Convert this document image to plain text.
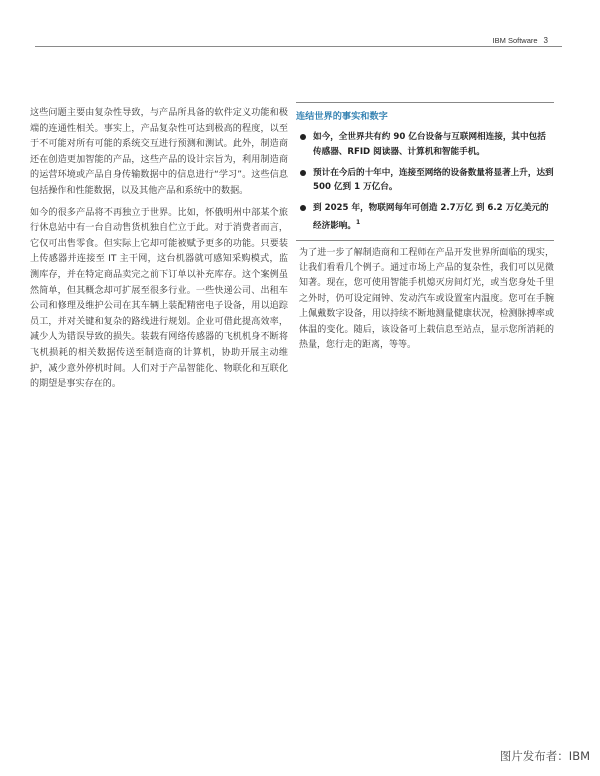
IBM Software 3

这些问题主要由复杂性导致，与产品所具备的软件定义功能和极端的连通性相关。事实上，产品复杂性可达到极高的程度，以至于不可能对所有可能的系统交互进行预测和测试。此外，制造商还在创造更加智能的产品，这些产品的设计宗旨为，利用制造商的运营环境或产品自身传输数据中的信息进行“学习”。这些信息包括操作和性能数据，以及其他产品和系统中的数据。

如今的很多产品将不再独立于世界。比如，怀俄明州中部某个旅行休息站中有一台自动售货机独自伫立于此。对于消费者而言，它仅可出售零食。但实际上它却可能被赋予更多的功能。只要装上传感器并连接至 IT 主干网，这台机器就可感知采购模式，监测库存，并在特定商品卖完之前下订单以补充库存。这个案例虽然简单，但其概念却可扩展至很多行业。一些快递公司、出租车公司和修理及维护公司在其车辆上装配精密电子设备，用以追踪员工，并对关键和复杂的路线进行规划。企业可借此提高效率，减少人为错误导致的损失。装载有网络传感器的飞机机身不断将飞机损耗的相关数据传送至制造商的计算机，协助开展主动维护，减少意外停机时间。人们对于产品智能化、物联化和互联化的期望是事实存在的。

连结世界的事实和数字
如今，全世界共有约 90 亿台设备与互联网相连接，其中包括传感器、RFID 阅读器、计算机和智能手机。
预计在今后的十年中，连接至网络的设备数量将显著上升，达到 500 亿到 1 万亿台。
到 2025 年，物联网每年可创造 2.7万亿 到 6.2 万亿美元的经济影响。$^1$
为了进一步了解制造商和工程师在产品开发世界所面临的现实，让我们看看几个例子。通过市场上产品的复杂性，我们可以见微知著。现在，您可使用智能手机熄灭房间灯光，或当您身处千里之外时，仍可设定闹钟、发动汽车或设置室内温度。您可在手腕上佩戴数字设备，用以持续不断地测量健康状况，检测脉搏率或体温的变化。随后，该设备可上载信息至站点，显示您所消耗的热量，您行走的距离，等等。
图片发布者：IBM
